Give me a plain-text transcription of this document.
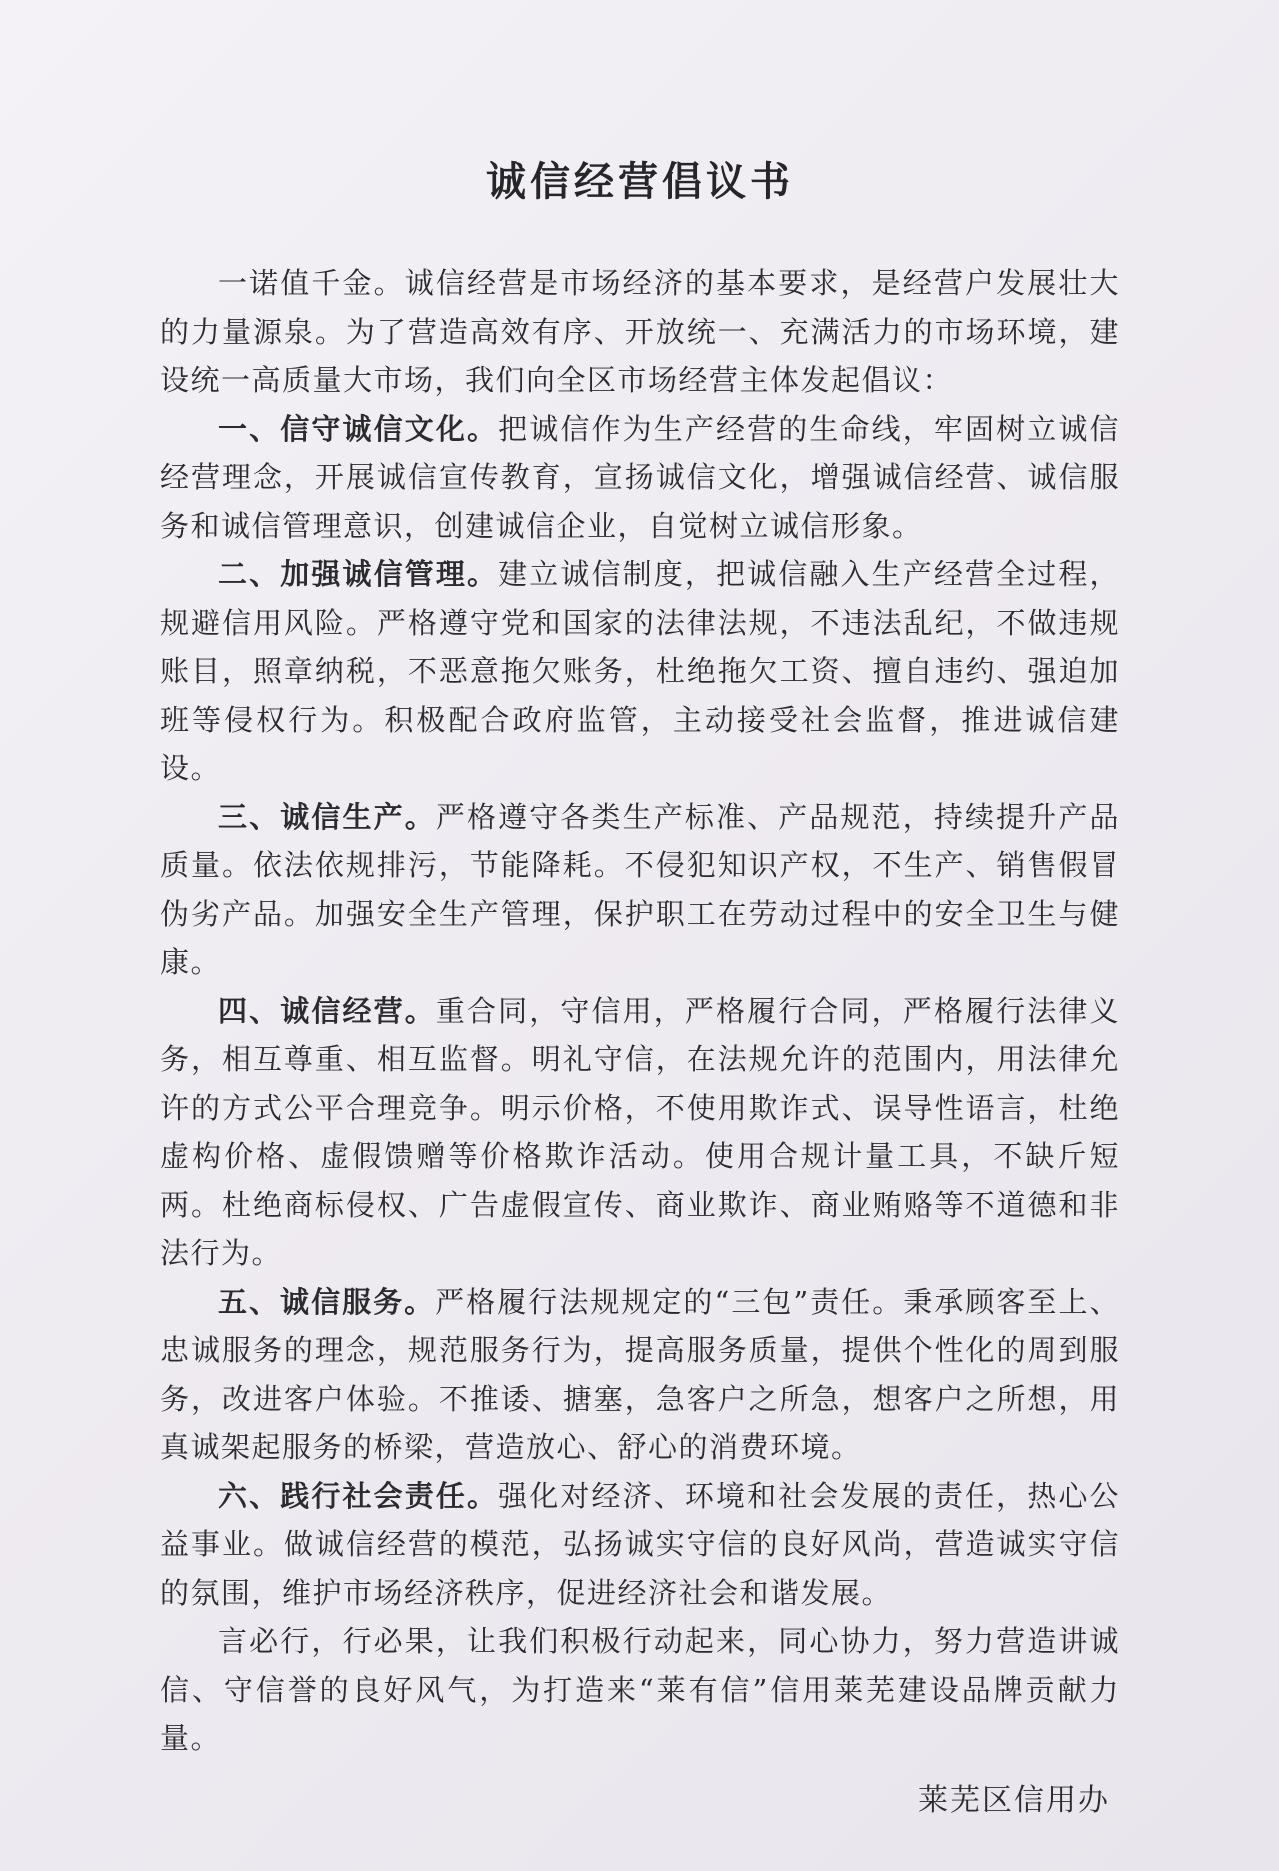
诚信经营倡议书

一诺值千金。诚信经营是市场经济的基本要求，是经营户发展壮大的力量源泉。为了营造高效有序、开放统一、充满活力的市场环境，建设统一高质量大市场，我们向全区市场经营主体发起倡议：

一、信守诚信文化。把诚信作为生产经营的生命线，牢固树立诚信经营理念，开展诚信宣传教育，宣扬诚信文化，增强诚信经营、诚信服务和诚信管理意识，创建诚信企业，自觉树立诚信形象。

二、加强诚信管理。建立诚信制度，把诚信融入生产经营全过程，规避信用风险。严格遵守党和国家的法律法规，不违法乱纪，不做违规账目，照章纳税，不恶意拖欠账务，杜绝拖欠工资、擅自违约、强迫加班等侵权行为。积极配合政府监管，主动接受社会监督，推进诚信建设。

三、诚信生产。严格遵守各类生产标准、产品规范，持续提升产品质量。依法依规排污，节能降耗。不侵犯知识产权，不生产、销售假冒伪劣产品。加强安全生产管理，保护职工在劳动过程中的安全卫生与健康。

四、诚信经营。重合同，守信用，严格履行合同，严格履行法律义务，相互尊重、相互监督。明礼守信，在法规允许的范围内，用法律允许的方式公平合理竞争。明示价格，不使用欺诈式、误导性语言，杜绝虚构价格、虚假馈赠等价格欺诈活动。使用合规计量工具，不缺斤短两。杜绝商标侵权、广告虚假宣传、商业欺诈、商业贿赂等不道德和非法行为。

五、诚信服务。严格履行法规规定的“三包”责任。秉承顾客至上、忠诚服务的理念，规范服务行为，提高服务质量，提供个性化的周到服务，改进客户体验。不推诿、搪塞，急客户之所急，想客户之所想，用真诚架起服务的桥梁，营造放心、舒心的消费环境。

六、践行社会责任。强化对经济、环境和社会发展的责任，热心公益事业。做诚信经营的模范，弘扬诚实守信的良好风尚，营造诚实守信的氛围，维护市场经济秩序，促进经济社会和谐发展。

言必行，行必果，让我们积极行动起来，同心协力，努力营造讲诚信、守信誉的良好风气，为打造来“莱有信”信用莱芜建设品牌贡献力量。

莱芜区信用办
